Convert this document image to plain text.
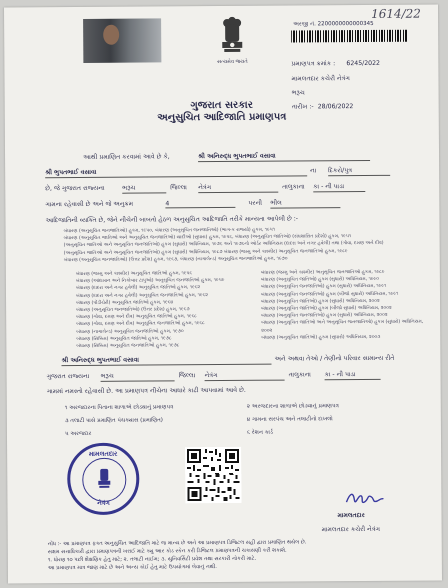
1614/22
સત્યમેવ જયતે
અરજી નં. 2200000000000345
પ્રમાણપત્ર ક્રમાંક : 6245/2022
મામલતદાર કચેરી નેત્રંગ
ભરૂચ
તારીખ :- 28/06/2022
ગુજરાત સરકાર
અનુસુચિત આદિજાતિ પ્રમાણપત્ર
આથી પ્રમાણિત કરવામાં આવે છે કે,	શ્રી અનિરુદ્ધ ભુપતભાઈ વસાવા
શ્રી ભુપતભાઈ વસાવા	ના દિકરો/પુત્ર
છે, જે ગુજરાત રાજ્યના	ભરૂચ	જિલ્લા નેત્રંગ	તાલુકાના કા - ની પાડા
ગામના રહેવાસી છે અને જે અનુક્રમ	4	પરની ભીલ
આદિજાતિની વ્યક્તિ છે, જેને નીચેની બાબતો હેઠળ અનુસુચિત આદિજાતિ તરીકે માન્યતા આપેલી છે :-
બંધારણ (અનુસૂચિત જનજાતિઓ) હુકમ, ૧૯૫૦, બંધારણ (અનુસૂચિત જનજાતિઓ) (ભાગ-ક રાજ્યો) હુકમ, ૧૯૫૧
બંધારણ (અનુસૂચિત જાતિઓ અને અનુસૂચિત જનજાતિઓ) યાદીઓ (સુધારા) હુકમ, ૧૯૫૬, બંધારણ (અનુસૂચિત જાતિઓ) (સંઘશાસિત પ્રદેશો) હુકમ, ૧૯૫૧
(અનુસૂચિત જાતિઓ અને અનુસૂચિત જનજાતિઓ) હુકમ (સુધારો) અધિનિયમ, ૧૯૭૬ અને ૧૯૭૬નો ઓર્ડર અધિનિયમ (દાદરા અને નગર હવેલી) તથા (ગોવા, દમણ અને દીવ)
(અનુસૂચિત જાતિઓ અને અનુસૂચિત જનજાતિઓ) હુકમ (સુધારો) અધિનિયમ, ૧૯૮૭ બંધારણ (જમ્મુ અને કાશ્મીર) અનુસૂચિત જનજાતિઓ હુકમ, ૧૯૮૯
બંધારણ (અનુસૂચિત જનજાતિઓ) (ઉત્તર પ્રદેશ) હુકમ, ૧૯૬૭, બંધારણ (નાગાલેન્ડ) અનુસૂચિત જનજાતિઓ હુકમ, ૧૯૭૦
બંધારણ (જમ્મુ અને કાશ્મીર) અનુસૂચિત જાતિઓ હુકમ, ૧૯૫૬
બંધારણ (આંદામાન અને નિકોબાર ટાપુઓ) અનુસૂચિત જનજાતિઓ હુકમ, ૧૯૫૯
બંધારણ (દાદરા અને નગર હવેલી) અનુસૂચિત જાતિઓ હુકમ, ૧૯૬૨
બંધારણ (દાદરા અને નગર હવેલી) અનુસૂચિત જનજાતિઓ હુકમ, ૧૯૬૨
બંધારણ (પોંડીચેરી) અનુસૂચિત જાતિઓ હુકમ, ૧૯૬૪
બંધારણ (અનુસૂચિત જનજાતિઓ) (ઉત્તર પ્રદેશ) હુકમ, ૧૯૬૭
બંધારણ (ગોવા, દમણ અને દીવ) અનુસૂચિત જાતિઓ હુકમ, ૧૯૬૮
બંધારણ (ગોવા, દમણ અને દીવ) અનુસૂચિત જનજાતિઓ હુકમ, ૧૯૬૮
બંધારણ (નાગાલેન્ડ) અનુસૂચિત જનજાતિઓ હુકમ, ૧૯૭૦
બંધારણ (સિક્કિમ) અનુસૂચિત જાતિઓ હુકમ, ૧૯૭૮
બંધારણ (સિક્કિમ) અનુસૂચિત જનજાતિઓ હુકમ, ૧૯૭૮
બંધારણ (જમ્મુ અને કાશ્મીર) અનુસૂચિત જનજાતિઓ હુકમ, ૧૯૮૯
બંધારણ (અનુસૂચિત જાતિઓ) હુકમ (સુધારો) અધિનિયમ, ૧૯૯૦
બંધારણ (અનુસૂચિત જનજાતિઓ) હુકમ (સુધારો) અધિનિયમ, ૧૯૯૧
બંધારણ (અનુસૂચિત જનજાતિઓ) હુકમ (બીજો સુધારો) અધિનિયમ, ૧૯૯૧
બંધારણ (અનુસૂચિત જાતિઓ) હુકમ (સુધારો) અધિનિયમ, ૨૦૦૨
બંધારણ (અનુસૂચિત જાતિઓ) હુકમ (બીજો સુધારો) અધિનિયમ, ૨૦૦૨
બંધારણ (અનુસૂચિત જનજાતિઓ) હુકમ (સુધારો) અધિનિયમ, ૨૦૦૨
બંધારણ (અનુસૂચિત જાતિઓ અને અનુસૂચિત જનજાતિઓ) હુકમ (સુધારો) અધિનિયમ, ૨૦૦૨
બંધારણ (અનુસૂચિત જાતિઓ) હુકમ (સુધારો) અધિનિયમ, ૨૦૦૩
શ્રી અનિરુદ્ધ ભુપતભાઈ વસાવા	અને અથવા તેઓ / તેણીનો પરિવાર સામાન્ય રીતે
ગુજરાત રાજ્યના ભરૂચ	જિલ્લા નેત્રંગ	તાલુકાના કા - ની પાડા
ગામમાં નમસ્તો રહેવાસી છે. આ પ્રમાણપત્ર નીચેના આધારે કાઢી આપવામાં આવે છે.
૧ અરજદારના પિતાના શાળાએ છોડ્યાનું પ્રમાણપત્ર	૨ અરજદારના શાળાએ છોડ્યાનું પ્રમાણપત્ર
૩ તલાટી પાસે પ્રમાણિત પંચક્યાસ (પ્રમાણિત)	૪ ગામના સરપંચ અને તલાટીનો દાખલો
૫ અરજદાર	૬ રેશન કાર્ડ
મામલતદાર
નેત્રંગ
મામલતદાર
મામલતદાર કચેરી નેત્રંગ
નોંધ :- આ પ્રમાણપત્ર ફક્ત અનુસુચિત આદિજાતિ માટે જ માન્ય છે અને આ પ્રમાણપત્ર ડિજિટલ સહી દ્વારા પ્રમાણિત થયેલ છે.
સક્ષમ સત્તાધિકારી દ્વારા પ્રમાણપત્રની ખરાઈ માટે ક્યુ આર કોડ સ્કેન કરી ડિજિટલ પ્રમાણપત્રની ચકાસણી કરી શકાશે.
૧. ધોરણ ૧૦ પછી શૈક્ષણિક હેતુ માટે; ૨. તલાટી નાઈમ; ૩. યુનિવર્સિટી પ્રવેશ તથા સરકારી નોકરી માટે.
આ પ્રમાણપત્ર માત્ર જાણ માટે છે અને અન્ય કોઈ હેતુ માટે ઉપયોગમાં લેવાનું નથી.
